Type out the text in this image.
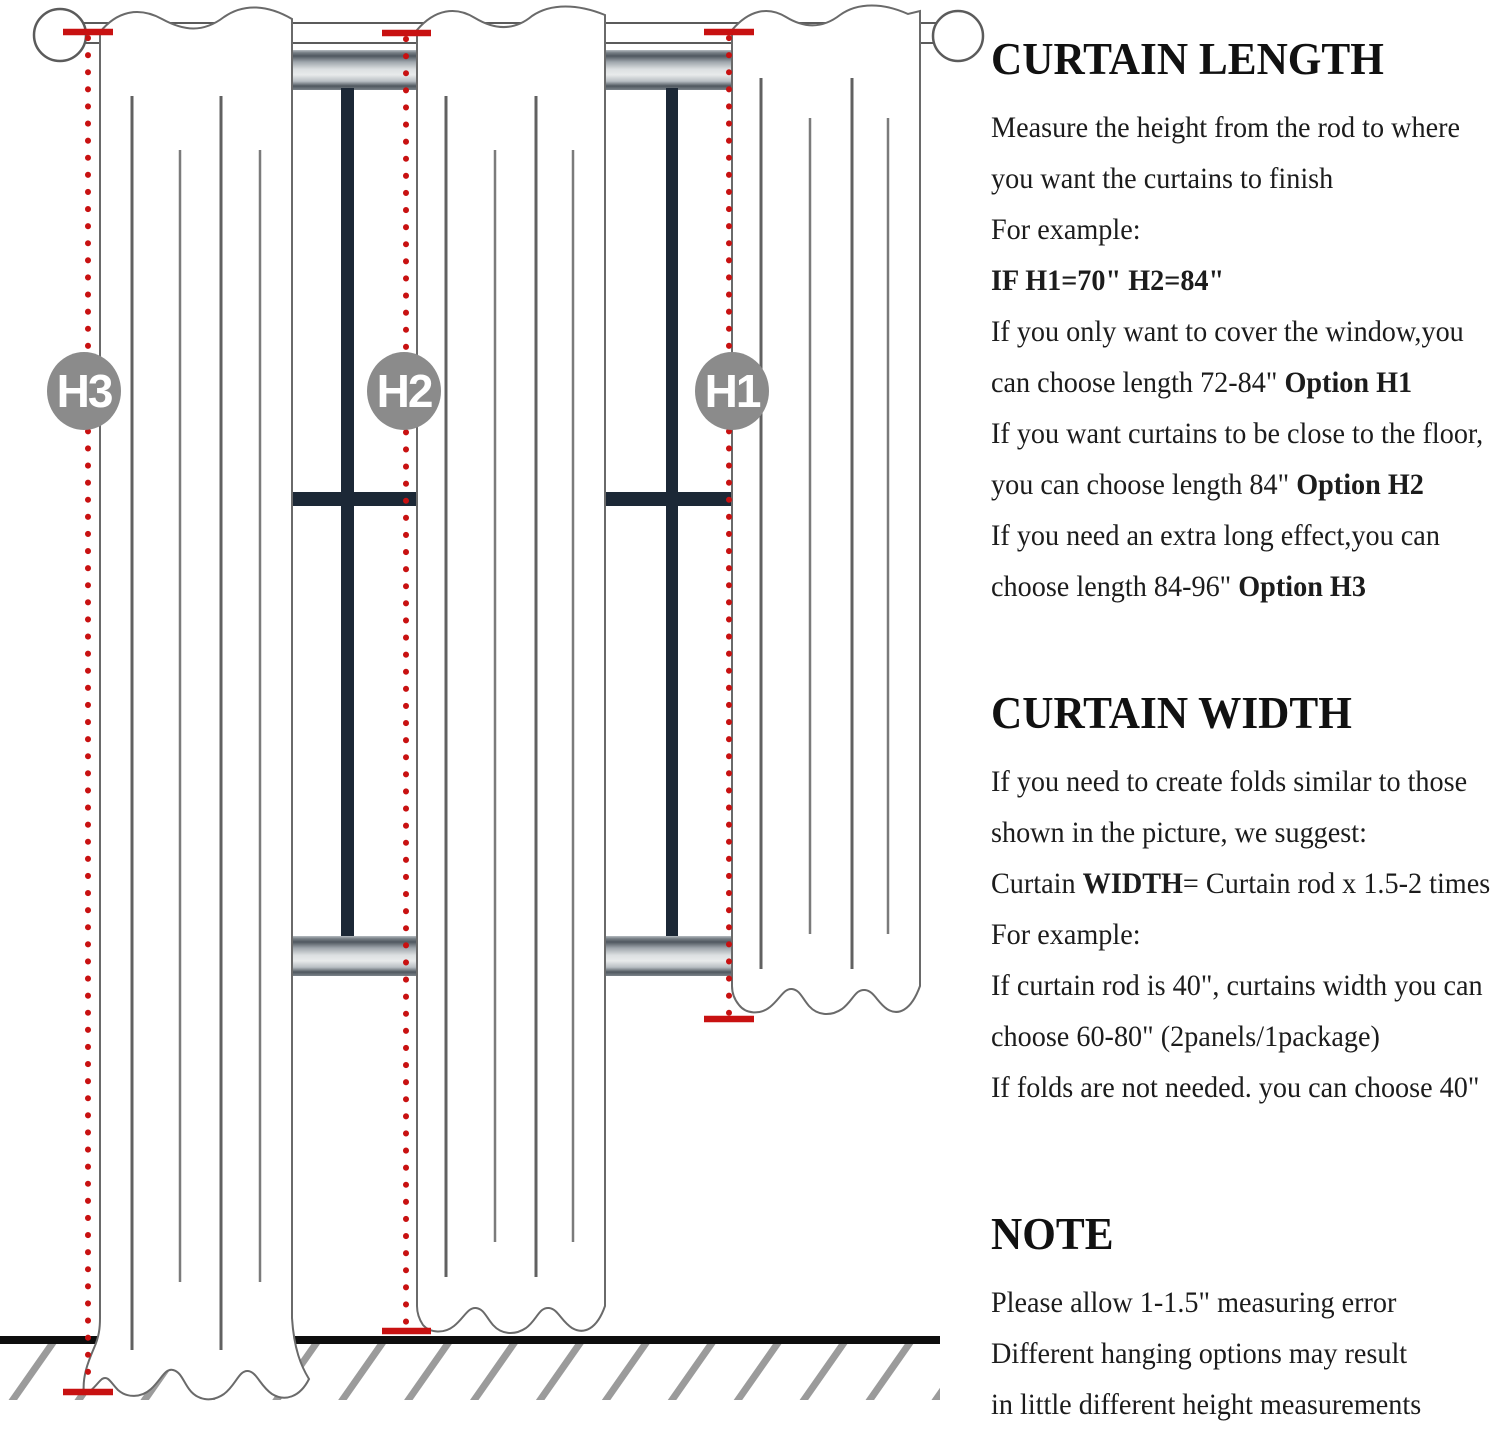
H3	H2	H1
CURTAIN LENGTH
Measure the height from the rod to where
you want the curtains to finish
For example:
IF H1=70" H2=84"
If you only want to cover the window,you
can choose length 72-84" Option H1
If you want curtains to be close to the floor,
you can choose length 84" Option H2
If you need an extra long effect,you can
choose length 84-96" Option H3
CURTAIN WIDTH
If you need to create folds similar to those
shown in the picture, we suggest:
Curtain WIDTH= Curtain rod x 1.5-2 times
For example:
If curtain rod is 40", curtains width you can
choose 60-80" (2panels/1package)
If folds are not needed. you can choose 40"
NOTE
Please allow 1-1.5" measuring error
Different hanging options may result
in little different height measurements
